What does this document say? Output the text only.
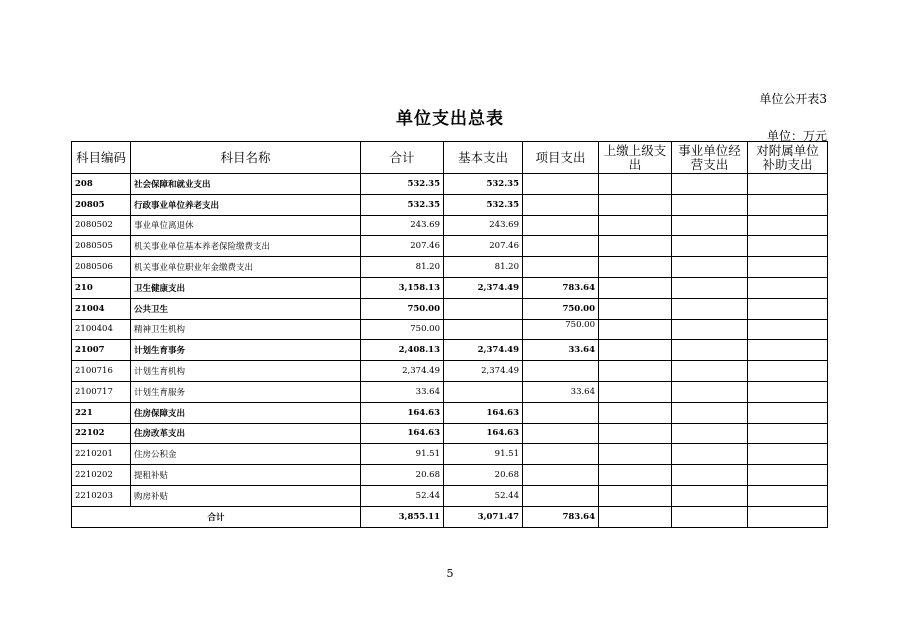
单位公开表3
单位支出总表
单位：万元
科目编码	科目名称	合计	基本支出	项目支出	上缴上级支出	事业单位经营支出	对附属单位补助支出
208	社会保障和就业支出	532.35	532.35				
20805	行政事业单位养老支出	532.35	532.35				
2080502	事业单位离退休	243.69	243.69				
2080505	机关事业单位基本养老保险缴费支出	207.46	207.46				
2080506	机关事业单位职业年金缴费支出	81.20	81.20				
210	卫生健康支出	3,158.13	2,374.49	783.64			
21004	公共卫生	750.00		750.00			
2100404	精神卫生机构	750.00		750.00			
21007	计划生育事务	2,408.13	2,374.49	33.64			
2100716	计划生育机构	2,374.49	2,374.49				
2100717	计划生育服务	33.64		33.64			
221	住房保障支出	164.63	164.63				
22102	住房改革支出	164.63	164.63				
2210201	住房公积金	91.51	91.51				
2210202	提租补贴	20.68	20.68				
2210203	购房补贴	52.44	52.44				
合计		3,855.11	3,071.47	783.64			
5
